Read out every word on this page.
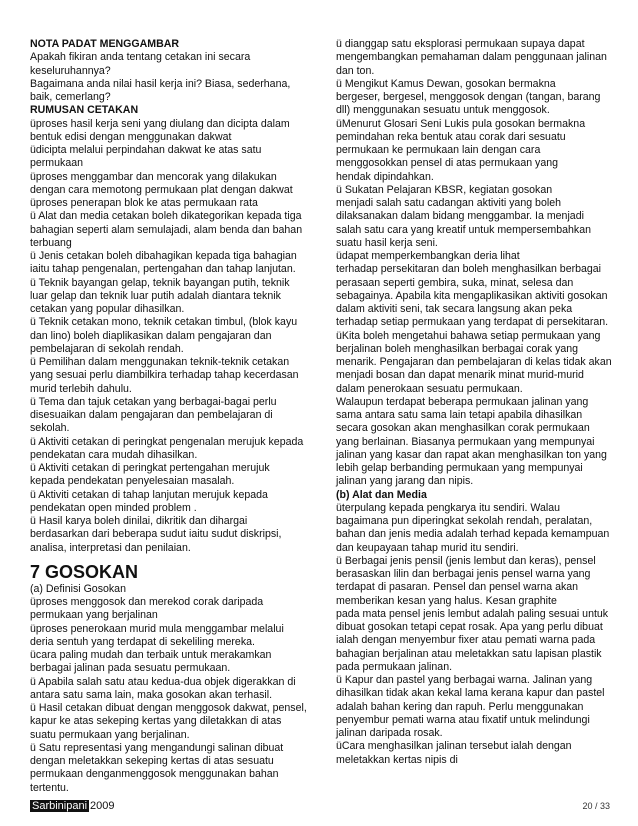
NOTA PADAT MENGGAMBAR

Apakah fikiran anda tentang cetakan ini secara

keseluruhannya?

Bagaimana anda nilai hasil kerja ini? Biasa, sederhana,

baik, cemerlang?

RUMUSAN CETAKAN

üproses hasil kerja seni yang diulang dan dicipta dalam

bentuk edisi dengan menggunakan dakwat

üdicipta melalui perpindahan dakwat ke atas satu

permukaan

üproses menggambar dan mencorak yang dilakukan

dengan cara memotong permukaan plat dengan dakwat

üproses penerapan blok ke atas permukaan rata

ü Alat dan media cetakan boleh dikategorikan kepada tiga

bahagian seperti alam semulajadi, alam benda dan bahan

terbuang

ü Jenis cetakan boleh dibahagikan kepada tiga bahagian

iaitu tahap pengenalan, pertengahan dan tahap lanjutan.

ü Teknik bayangan gelap, teknik bayangan putih, teknik

luar gelap dan teknik luar putih adalah diantara teknik

cetakan yang popular dihasilkan.

ü Teknik cetakan mono, teknik cetakan timbul, (blok kayu

dan lino) boleh diaplikasikan dalam pengajaran dan

pembelajaran di sekolah rendah.

ü Pemilihan dalam menggunakan teknik-teknik cetakan

yang sesuai perlu diambilkira terhadap tahap kecerdasan

murid terlebih dahulu.

ü Tema dan tajuk cetakan yang berbagai-bagai perlu

disesuaikan dalam pengajaran dan pembelajaran di

sekolah.

ü Aktiviti cetakan di peringkat pengenalan merujuk kepada

pendekatan cara mudah dihasilkan.

ü Aktiviti cetakan di peringkat pertengahan merujuk

kepada pendekatan penyelesaian masalah.

ü Aktiviti cetakan di tahap lanjutan merujuk kepada

pendekatan open minded problem .

ü Hasil karya boleh dinilai, dikritik dan dihargai

berdasarkan dari beberapa sudut iaitu sudut diskripsi,

analisa, interpretasi dan penilaian.

7 GOSOKAN

(a) Definisi Gosokan

üproses menggosok dan merekod corak daripada

permukaan yang berjalinan

üproses penerokaan murid mula menggambar melalui

deria sentuh yang terdapat di sekeliling mereka.

ücara paling mudah dan terbaik untuk merakamkan

berbagai jalinan pada sesuatu permukaan.

ü Apabila salah satu atau kedua-dua objek digerakkan di

antara satu sama lain, maka gosokan akan terhasil.

ü Hasil cetakan dibuat dengan menggosok dakwat, pensel,

kapur ke atas sekeping kertas yang diletakkan di atas

suatu permukaan yang berjalinan.

ü Satu representasi yang mengandungi salinan dibuat

dengan meletakkan sekeping kertas di atas sesuatu

permukaan denganmenggosok menggunakan bahan

tertentu.

ü dianggap satu eksplorasi permukaan supaya dapat

mengembangkan pemahaman dalam penggunaan jalinan

dan ton.

ü Mengikut Kamus Dewan, gosokan bermakna

bergeser, bergesel, menggosok dengan (tangan, barang

dll) menggunakan sesuatu untuk menggosok.

üMenurut Glosari Seni Lukis pula gosokan bermakna

pemindahan reka bentuk atau corak dari sesuatu

permukaan ke permukaan lain dengan cara

menggosokkan pensel di atas permukaan yang

hendak dipindahkan.

ü Sukatan Pelajaran KBSR, kegiatan gosokan

menjadi salah satu cadangan aktiviti yang boleh

dilaksanakan dalam bidang menggambar. Ia menjadi

salah satu cara yang kreatif untuk mempersembahkan

suatu hasil kerja seni.

üdapat memperkembangkan deria lihat

terhadap persekitaran dan boleh menghasilkan berbagai

perasaan seperti gembira, suka, minat, selesa dan

sebagainya. Apabila kita mengaplikasikan aktiviti gosokan

dalam aktiviti seni, tak secara langsung akan peka

terhadap setiap permukaan yang terdapat di persekitaran.

üKita boleh mengetahui bahawa setiap permukaan yang

berjalinan boleh menghasilkan berbagai corak yang

menarik. Pengajaran dan pembelajaran di kelas tidak akan

menjadi bosan dan dapat menarik minat murid-murid

dalam penerokaan sesuatu permukaan.

Walaupun terdapat beberapa permukaan jalinan yang

sama antara satu sama lain tetapi apabila dihasilkan

secara gosokan akan menghasilkan corak permukaan

yang berlainan. Biasanya permukaan yang mempunyai

jalinan yang kasar dan rapat akan menghasilkan ton yang

lebih gelap berbanding permukaan yang mempunyai

jalinan yang jarang dan nipis.

(b) Alat dan Media

üterpulang kepada pengkarya itu sendiri. Walau

bagaimana pun diperingkat sekolah rendah, peralatan,

bahan dan jenis media adalah terhad kepada kemampuan

dan keupayaan tahap murid itu sendiri.

ü Berbagai jenis pensil (jenis lembut dan keras), pensel

berasaskan lilin dan berbagai jenis pensel warna yang

terdapat di pasaran. Pensel dan pensel warna akan

memberikan kesan yang halus. Kesan graphite

pada mata pensel jenis lembut adalah paling sesuai untuk

dibuat gosokan tetapi cepat rosak. Apa yang perlu dibuat

ialah dengan menyembur fixer atau pemati warna pada

bahagian berjalinan atau meletakkan satu lapisan plastik

pada permukaan jalinan.

ü Kapur dan pastel yang berbagai warna. Jalinan yang

dihasilkan tidak akan kekal lama kerana kapur dan pastel

adalah bahan kering dan rapuh. Perlu menggunakan

penyembur pemati warna atau fixatif untuk melindungi

jalinan daripada rosak.

üCara menghasilkan jalinan tersebut ialah dengan

meletakkan kertas nipis di

Sarbinipani 2009	20 / 33
